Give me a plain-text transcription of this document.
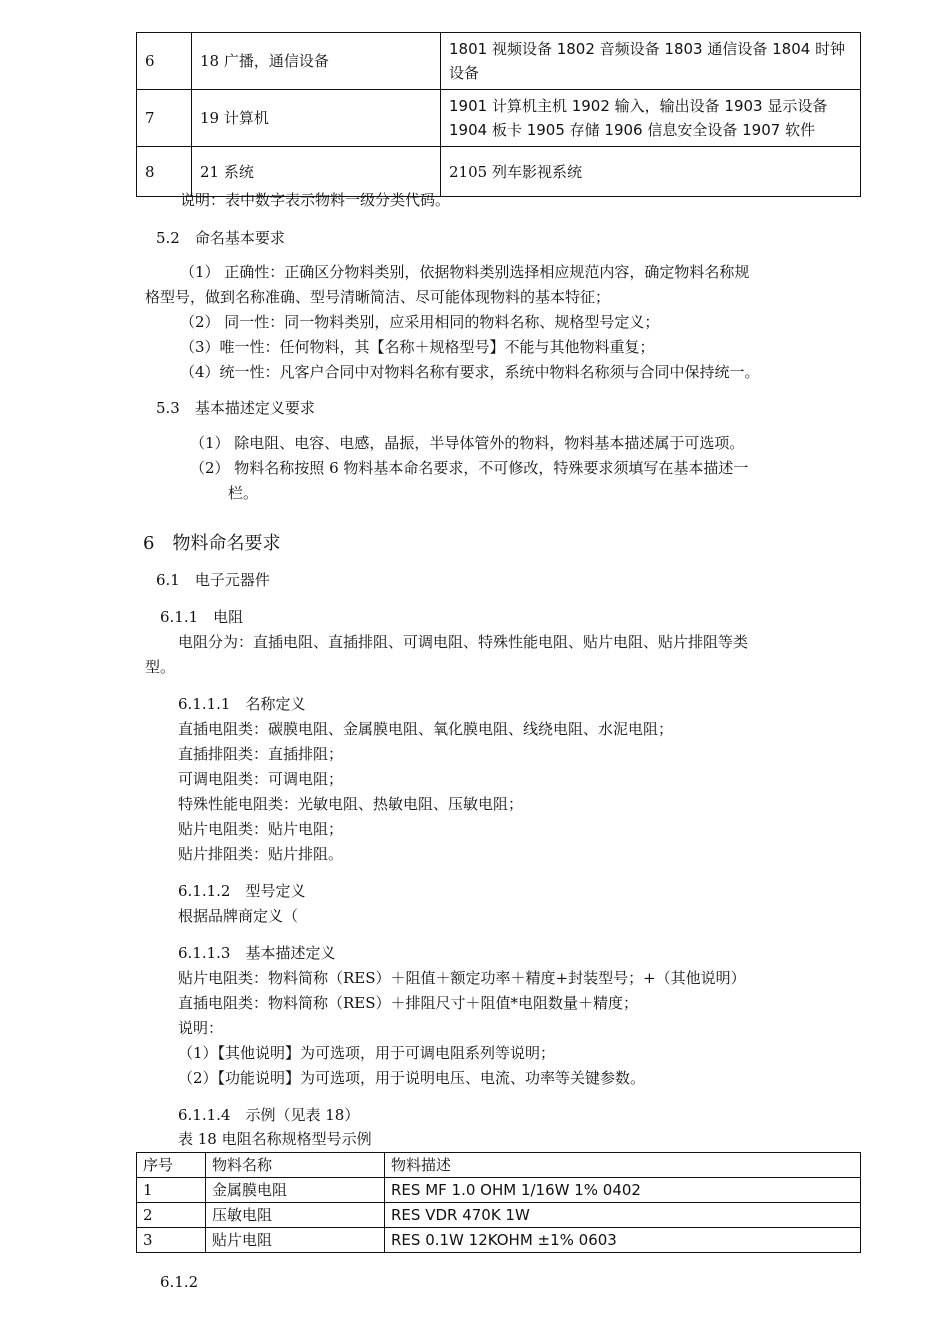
6	18 广播，通信设备	1801 视频设备 1802 音频设备 1803 通信设备 1804 时钟设备
7	19 计算机	1901 计算机主机 1902 输入，输出设备 1903 显示设备 1904 板卡 1905 存储 1906 信息安全设备 1907 软件
8	21 系统	2105 列车影视系统
说明：表中数字表示物料一级分类代码。
5.2　命名基本要求
（1） 正确性：正确区分物料类别，依据物料类别选择相应规范内容，确定物料名称规
格型号，做到名称准确、型号清晰简洁、尽可能体现物料的基本特征；
（2） 同一性：同一物料类别，应采用相同的物料名称、规格型号定义；
（3）唯一性：任何物料，其【名称＋规格型号】不能与其他物料重复；
（4）统一性：凡客户合同中对物料名称有要求，系统中物料名称须与合同中保持统一。
5.3　基本描述定义要求
（1） 除电阻、电容、电感，晶振，半导体管外的物料，物料基本描述属于可选项。
（2） 物料名称按照 6 物料基本命名要求，不可修改，特殊要求须填写在基本描述一
栏。
6　物料命名要求
6.1　电子元器件
6.1.1　电阻
电阻分为：直插电阻、直插排阻、可调电阻、特殊性能电阻、贴片电阻、贴片排阻等类
型。
6.1.1.1　名称定义
直插电阻类：碳膜电阻、金属膜电阻、氧化膜电阻、线绕电阻、水泥电阻；
直插排阻类：直插排阻；
可调电阻类：可调电阻；
特殊性能电阻类：光敏电阻、热敏电阻、压敏电阻；
贴片电阻类：贴片电阻；
贴片排阻类：贴片排阻。
6.1.1.2　型号定义
根据品牌商定义（
6.1.1.3　基本描述定义
贴片电阻类：物料简称（RES）＋阻值＋额定功率＋精度+封装型号；+（其他说明）
直插电阻类：物料简称（RES）＋排阻尺寸＋阻值*电阻数量＋精度；
说明：
（1）【其他说明】为可选项，用于可调电阻系列等说明；
（2）【功能说明】为可选项，用于说明电压、电流、功率等关键参数。
6.1.1.4　示例（见表 18）
表 18 电阻名称规格型号示例
序号	物料名称	物料描述
1	金属膜电阻	RES MF 1.0 OHM 1/16W 1% 0402
2	压敏电阻	RES VDR 470K 1W
3	贴片电阻	RES 0.1W 12KOHM ±1% 0603
6.1.2
